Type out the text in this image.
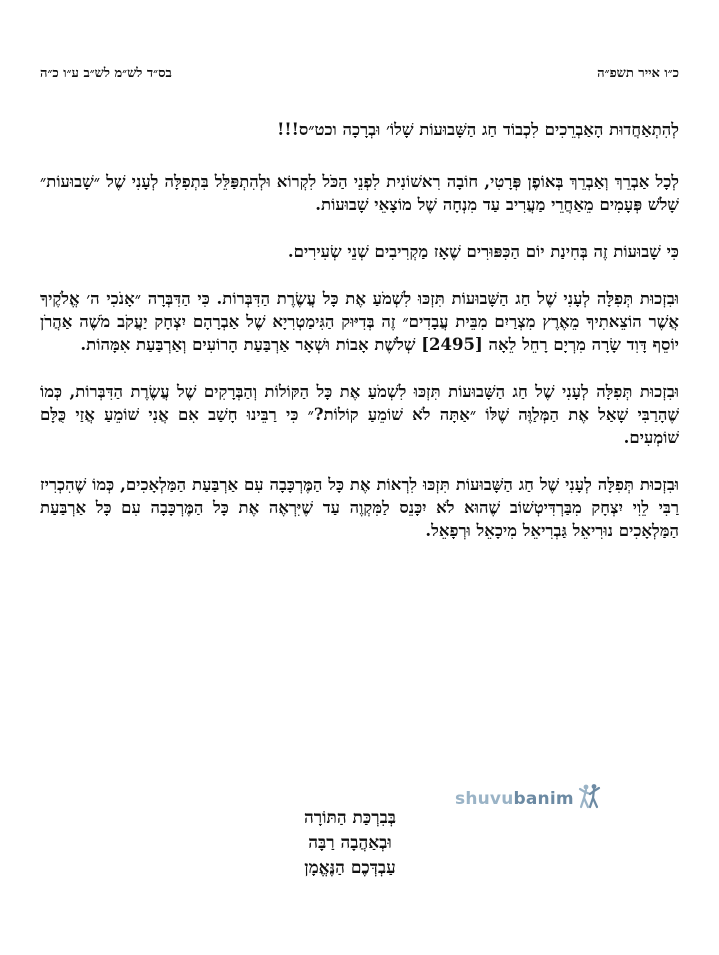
כ״ו אייר תשפ״ה
בס״ד לש״מ לש״ב ע״ו כ״ה

לְהִתְאַחֲדוּת הָאַבְרֵכִים לִכְבוֹד חַג הַשָּׁבוּעוֹת שָׁלוֹ׳ וּבְרָכָה וכט״ס!!!

לְכָל אַבְרֵךְ וְאַבְרֵךְ בְּאוֹפֶן פְּרָטִי, חוֹבָה רִאשׁוֹנִית לִפְנֵי הַכֹּל לִקְרוֹא וּלְהִתְפַּלֵּל בִּתְפִלָּה לְעָנִי שֶׁל ״שָׁבוּעוֹת״ שָׁלֹשׁ פְּעָמִים מֵאַחֲרֵי מַעֲרִיב עַד מִנְחָה שֶׁל מוֹצָאֵי שָׁבוּעוֹת.

כִּי שָׁבוּעוֹת זֶה בְּחִינַת יוֹם הַכִּפּוּרִים שֶׁאָז מַקְרִיבִים שְׁנֵי שְׂעִירִים.

וּבִזְכוּת תְּפִלָּה לְעָנִי שֶׁל חַג הַשָּׁבוּעוֹת תִּזְכּוּ לִשְׁמֹעַ אֶת כָּל עֲשֶׂרֶת הַדִּבְּרוֹת. כִּי הַדִּבְּרָה ״אָנֹכִי ה׳ אֱלֹקֶיךָ אֲשֶׁר הוֹצֵאתִיךָ מֵאֶרֶץ מִצְרַיִם מִבֵּית עֲבָדִים״ זֶה בְּדִיּוּק הַגִּימַטְרִיָא שֶׁל אַבְרָהָם יִצְחָק יַעֲקֹב מֹשֶׁה אַהֲרֹן יוֹסֵף דָּוִד שָׂרָה מִרְיָם רָחֵל לֵאָה [2495] שְׁלֹשֶׁת אָבוֹת וּשְׁאָר אַרְבַּעַת הָרוֹעִים וְאַרְבַּעַת אִמָּהוֹת.

וּבִזְכוּת תְּפִלָּה לְעָנִי שֶׁל חַג הַשָּׁבוּעוֹת תִּזְכּוּ לִשְׁמֹעַ אֶת כָּל הַקּוֹלוֹת וְהַבְּרָקִים שֶׁל עֲשֶׂרֶת הַדִּבְּרוֹת, כְּמוֹ שֶׁהָרַבִּי שָׁאַל אֶת הַמְּלַוֶּה שֶׁלּוֹ ״אַתָּה לֹא שׁוֹמֵעַ קוֹלוֹת?״ כִּי רַבֵּינוּ חָשַׁב אִם אֲנִי שׁוֹמֵעַ אֲזַי כֻּלָּם שׁוֹמְעִים.

וּבִזְכוּת תְּפִלָּה לְעָנִי שֶׁל חַג הַשָּׁבוּעוֹת תִּזְכּוּ לִרְאוֹת אֶת כָּל הַמֶּרְכָּבָה עִם אַרְבַּעַת הַמַּלְאָכִים, כְּמוֹ שֶׁהִכְרִיז רַבִּי לֵוִי יִצְחָק מִבַּרְדִּיטְשׁוֹב שֶׁהוּא לֹא יִכָּנֵס לַמִּקְוֶה עַד שֶׁיִּרְאֶה אֶת כָּל הַמֶּרְכָּבָה עִם כָּל אַרְבַּעַת הַמַּלְאָכִים נוּרִיאֵל גַּבְרִיאֵל מִיכָאֵל וּרְפָאֵל.

shuvubanim
בְּבִרְכַּת הַתּוֹרָה
וּבְאַהֲבָה רַבָּה
עַבְדְּכֶם הַנֶּאֱמָן
